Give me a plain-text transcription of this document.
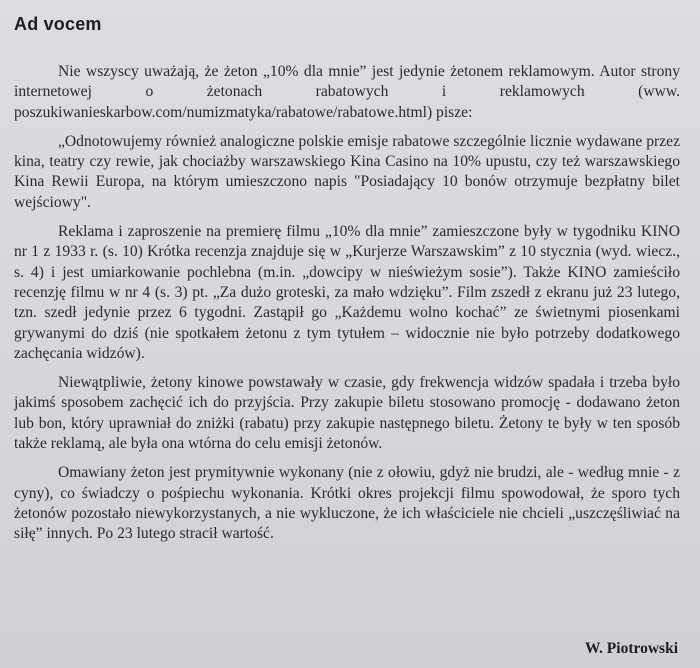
Ad vocem

Nie wszyscy uważają, że żeton „10% dla mnie” jest jedynie żetonem reklamowym. Autor strony internetowej o żetonach rabatowych i reklamowych (www. poszukiwanieskarbow.com/numizmatyka/rabatowe/rabatowe.html) pisze:

„Odnotowujemy również analogiczne polskie emisje rabatowe szczególnie licznie wydawane przez kina, teatry czy rewie, jak chociażby warszawskiego Kina Casino na 10% upustu, czy też warszawskiego Kina Rewii Europa, na którym umieszczono napis "Posiadający 10 bonów otrzymuje bezpłatny bilet wejściowy".

Reklama i zaproszenie na premierę filmu „10% dla mnie” zamieszczone były w tygodniku KINO nr 1 z 1933 r. (s. 10) Krótka recenzja znajduje się w „Kurjerze Warszawskim” z 10 stycznia (wyd. wiecz., s. 4) i jest umiarkowanie pochlebna (m.in. „dowcipy w nieświeżym sosie”). Także KINO zamieściło recenzję filmu w nr 4 (s. 3) pt. „Za dużo groteski, za mało wdzięku”. Film zszedł z ekranu już 23 lutego, tzn. szedł jedynie przez 6 tygodni. Zastąpił go „Każdemu wolno kochać” ze świetnymi piosenkami grywanymi do dziś (nie spotkałem żetonu z tym tytułem – widocznie nie było potrzeby dodatkowego zachęcania widzów).

Niewątpliwie, żetony kinowe powstawały w czasie, gdy frekwencja widzów spadała i trzeba było jakimś sposobem zachęcić ich do przyjścia. Przy zakupie biletu stosowano promocję - dodawano żeton lub bon, który uprawniał do zniżki (rabatu) przy zakupie następnego biletu. Żetony te były w ten sposób także reklamą, ale była ona wtórna do celu emisji żetonów.

Omawiany żeton jest prymitywnie wykonany (nie z ołowiu, gdyż nie brudzi, ale - według mnie - z cyny), co świadczy o pośpiechu wykonania. Krótki okres projekcji filmu spowodował, że sporo tych żetonów pozostało niewykorzystanych, a nie wykluczone, że ich właściciele nie chcieli „uszczęśliwiać na siłę” innych. Po 23 lutego stracił wartość.

W. Piotrowski
